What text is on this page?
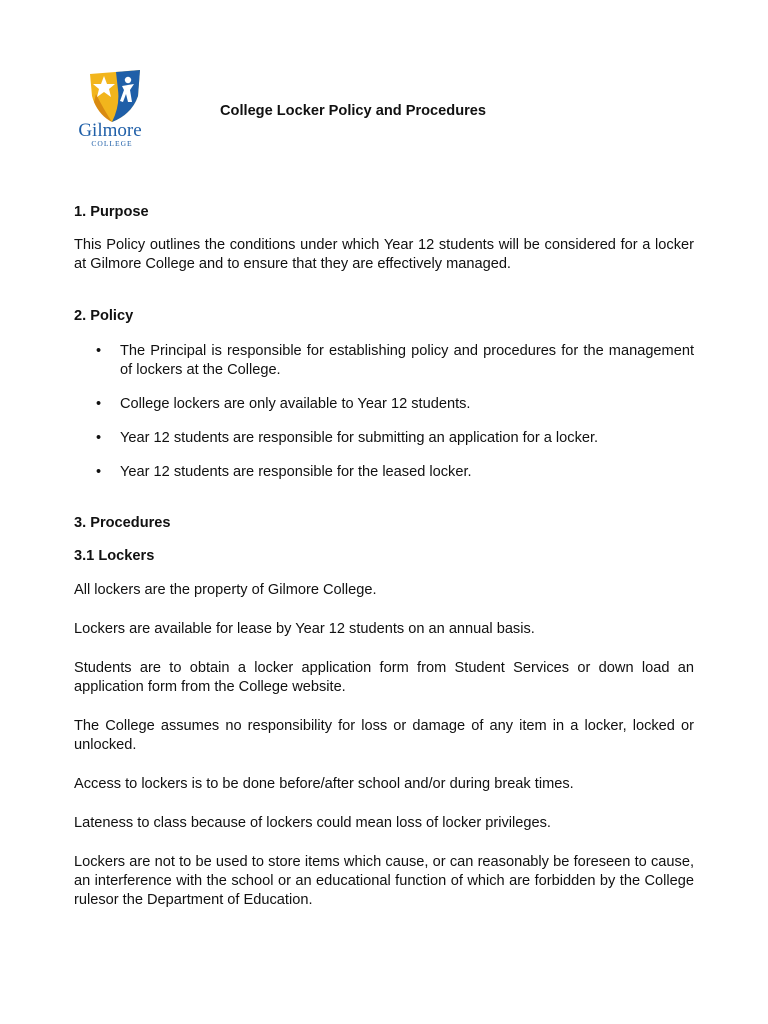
Gilmore
COLLEGE
College Locker Policy and Procedures
1. Purpose

This Policy outlines the conditions under which Year 12 students will be considered for a locker at Gilmore College and to ensure that they are effectively managed.

2. Policy
• The Principal is responsible for establishing policy and procedures for the management of lockers at the College.
• College lockers are only available to Year 12 students.
• Year 12 students are responsible for submitting an application for a locker.
• Year 12 students are responsible for the leased locker.
3. Procedures
3.1 Lockers

All lockers are the property of Gilmore College.

Lockers are available for lease by Year 12 students on an annual basis.

Students are to obtain a locker application form from Student Services or down load an application form from the College website.

The College assumes no responsibility for loss or damage of any item in a locker, locked or unlocked.

Access to lockers is to be done before/after school and/or during break times.

Lateness to class because of lockers could mean loss of locker privileges.

Lockers are not to be used to store items which cause, or can reasonably be foreseen to cause, an interference with the school or an educational function of which are forbidden by the College rulesor the Department of Education.
